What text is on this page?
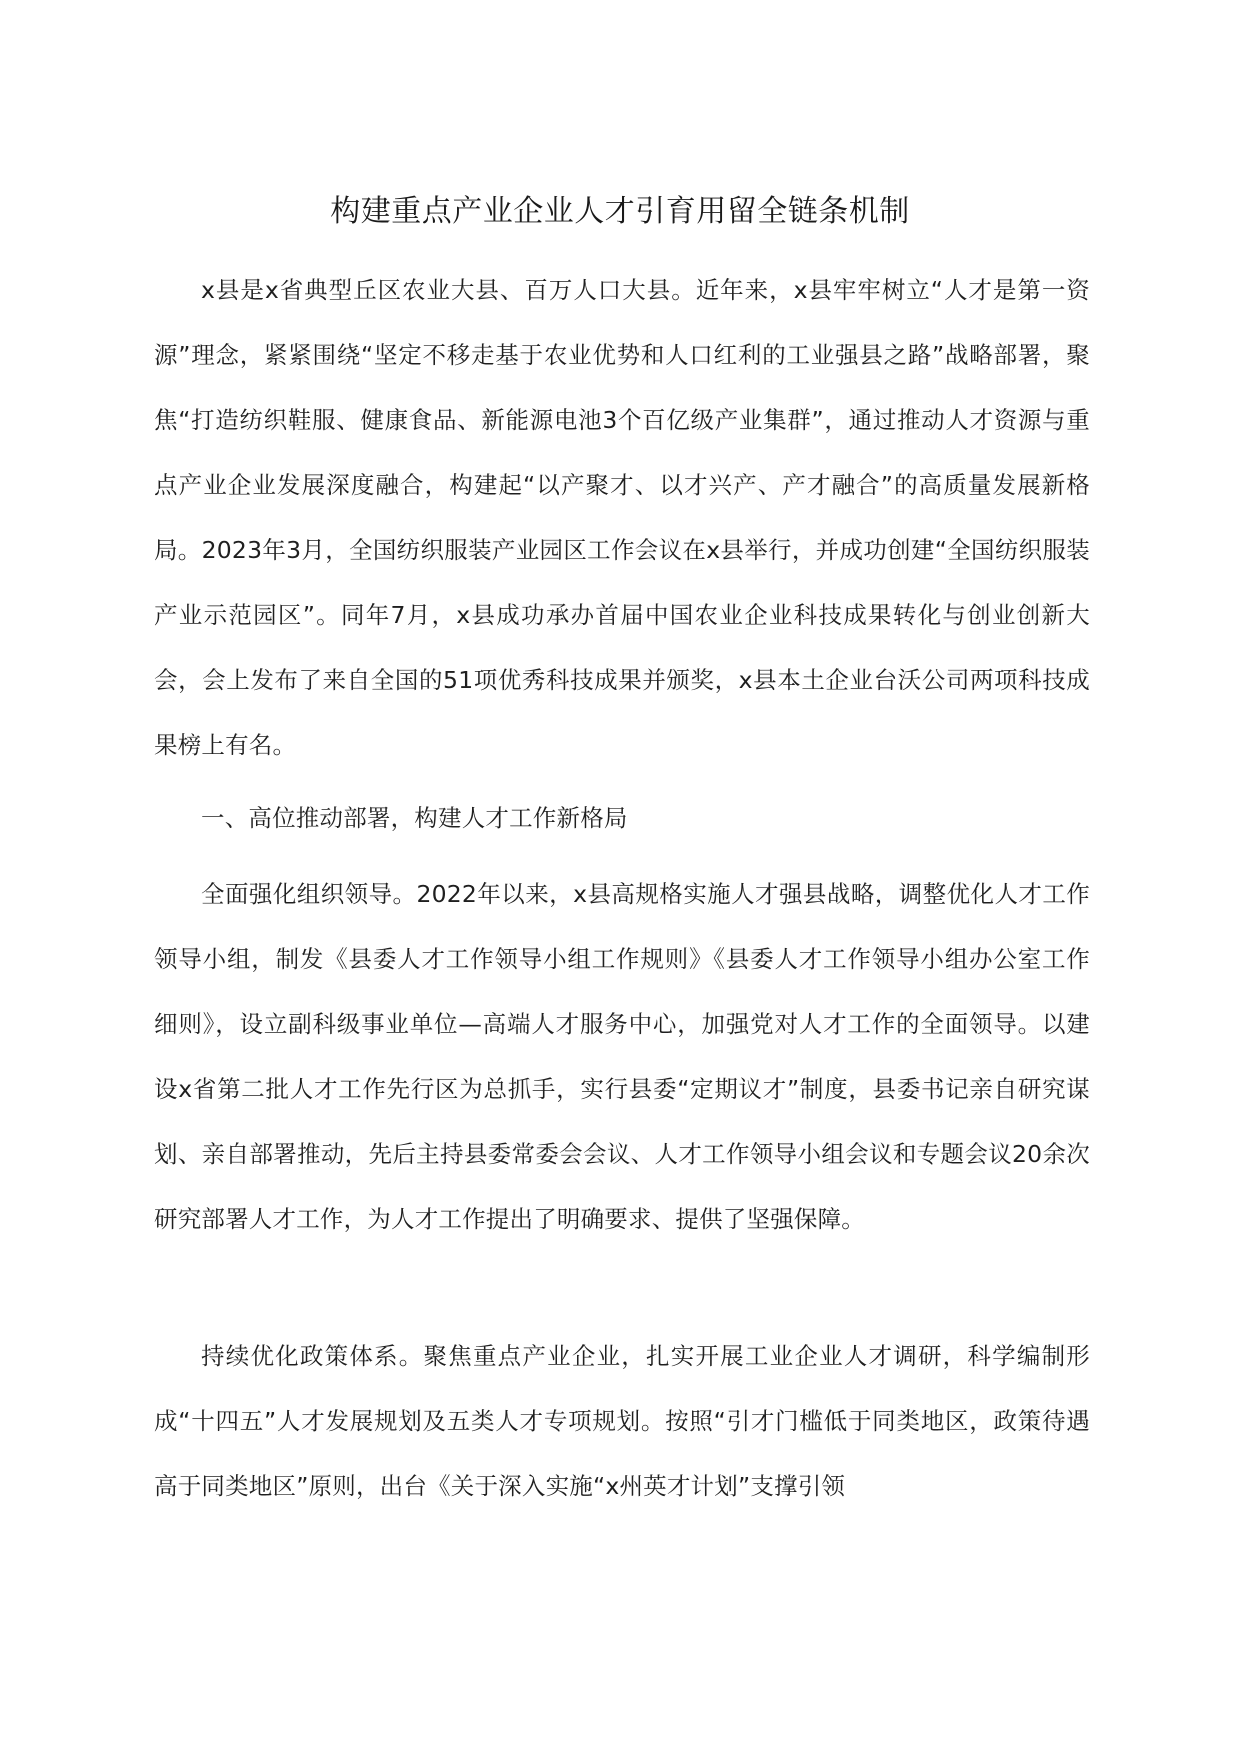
构建重点产业企业人才引育用留全链条机制

x县是x省典型丘区农业大县、百万人口大县。近年来，x县牢牢树立“人才是第一资源”理念，紧紧围绕“坚定不移走基于农业优势和人口红利的工业强县之路”战略部署，聚焦“打造纺织鞋服、健康食品、新能源电池3个百亿级产业集群”，通过推动人才资源与重点产业企业发展深度融合，构建起“以产聚才、以才兴产、产才融合”的高质量发展新格局。2023年3月，全国纺织服装产业园区工作会议在x县举行，并成功创建“全国纺织服装产业示范园区”。同年7月，x县成功承办首届中国农业企业科技成果转化与创业创新大会，会上发布了来自全国的51项优秀科技成果并颁奖，x县本土企业台沃公司两项科技成果榜上有名。

一、高位推动部署，构建人才工作新格局

全面强化组织领导。2022年以来，x县高规格实施人才强县战略，调整优化人才工作领导小组，制发《县委人才工作领导小组工作规则》《县委人才工作领导小组办公室工作细则》，设立副科级事业单位—高端人才服务中心，加强党对人才工作的全面领导。以建设x省第二批人才工作先行区为总抓手，实行县委“定期议才”制度，县委书记亲自研究谋划、亲自部署推动，先后主持县委常委会会议、人才工作领导小组会议和专题会议20余次研究部署人才工作，为人才工作提出了明确要求、提供了坚强保障。

持续优化政策体系。聚焦重点产业企业，扎实开展工业企业人才调研，科学编制形成“十四五”人才发展规划及五类人才专项规划。按照“引才门槛低于同类地区，政策待遇高于同类地区”原则，出台《关于深入实施“x州英才计划”支撑引领
